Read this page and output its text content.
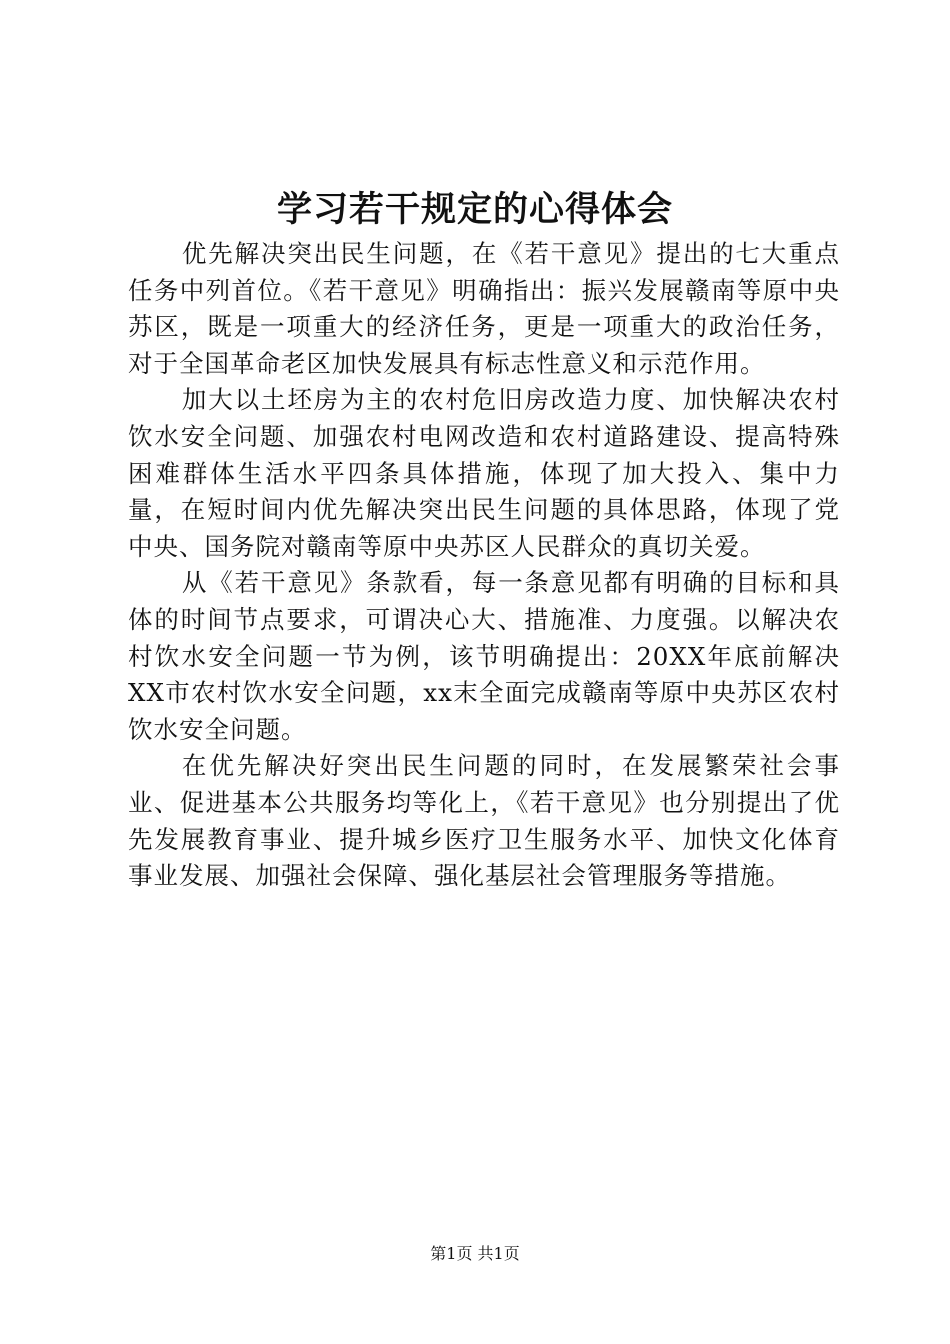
学习若干规定的心得体会

优先解决突出民生问题，在《若干意见》提出的七大重点任务中列首位。《若干意见》明确指出：振兴发展赣南等原中央苏区，既是一项重大的经济任务，更是一项重大的政治任务，对于全国革命老区加快发展具有标志性意义和示范作用。

加大以土坯房为主的农村危旧房改造力度、加快解决农村饮水安全问题、加强农村电网改造和农村道路建设、提高特殊困难群体生活水平四条具体措施，体现了加大投入、集中力量，在短时间内优先解决突出民生问题的具体思路，体现了党中央、国务院对赣南等原中央苏区人民群众的真切关爱。

从《若干意见》条款看，每一条意见都有明确的目标和具体的时间节点要求，可谓决心大、措施准、力度强。以解决农村饮水安全问题一节为例，该节明确提出：20XX年底前解决XX市农村饮水安全问题，xx末全面完成赣南等原中央苏区农村饮水安全问题。

在优先解决好突出民生问题的同时，在发展繁荣社会事业、促进基本公共服务均等化上，《若干意见》也分别提出了优先发展教育事业、提升城乡医疗卫生服务水平、加快文化体育事业发展、加强社会保障、强化基层社会管理服务等措施。

第1页 共1页
